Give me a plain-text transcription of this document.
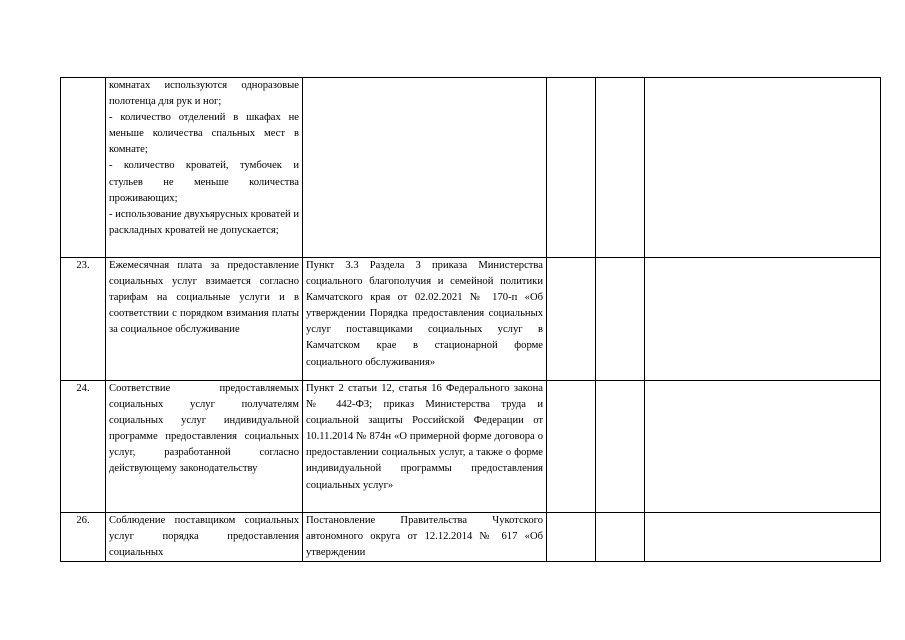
	комнатах используются одноразовые полотенца для рук и ног;
- количество отделений в шкафах не меньше количества спальных мест в комнате;
- количество кроватей, тумбочек и стульев не меньше количества проживающих;
- использование двухъярусных кроватей и раскладных кроватей не допускается;				

23.	Ежемесячная плата за предоставление социальных услуг взимается согласно тарифам на социальные услуги и в соответствии с порядком взимания платы за социальное обслуживание	Пункт 3.3 Раздела 3 приказа Министерства социального благополучия и семейной политики Камчатского края от 02.02.2021 № 170-п «Об утверждении Порядка предоставления социальных услуг поставщиками социальных услуг в Камчатском крае в стационарной форме социального обслуживания»			

24.	Соответствие предоставляемых социальных услуг получателям социальных услуг индивидуальной программе предоставления социальных услуг, разработанной согласно действующему законодательству	Пункт 2 статьи 12, статья 16 Федерального закона № 442-ФЗ; приказ Министерства труда и социальной защиты Российской Федерации от 10.11.2014 № 874н «О примерной форме договора о предоставлении социальных услуг, а также о форме индивидуальной программы предоставления социальных услуг»			

26.	Соблюдение поставщиком социальных услуг порядка предоставления социальных	Постановление Правительства Чукотского автономного округа от 12.12.2014 № 617 «Об утверждении			
